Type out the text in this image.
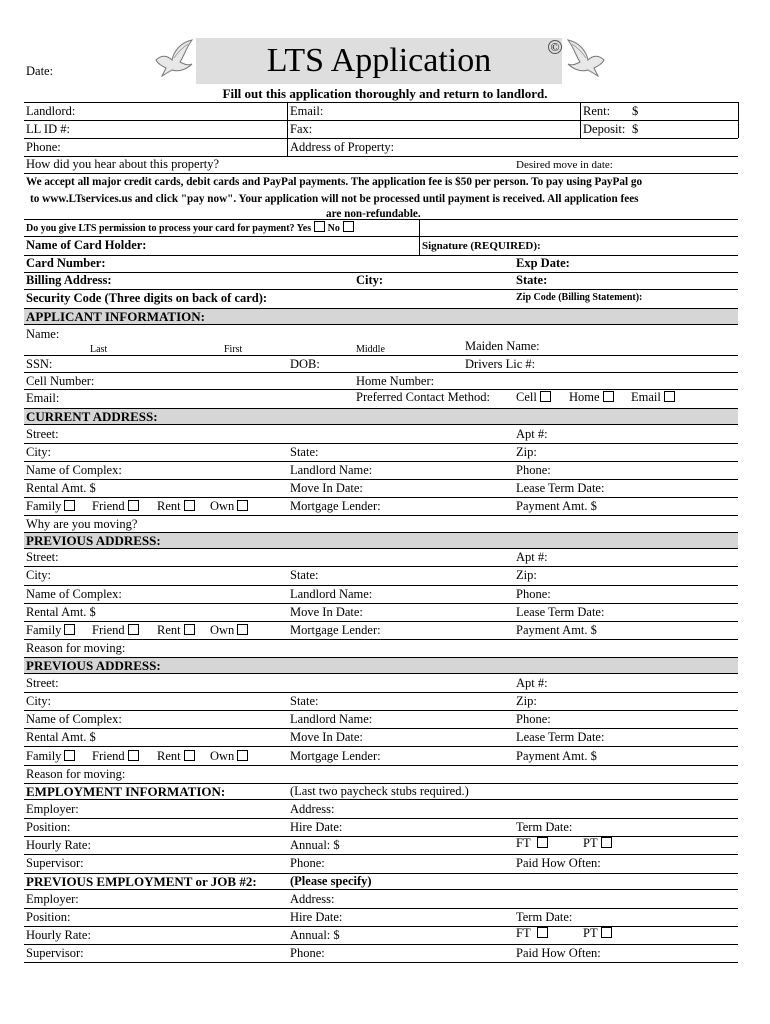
Date:	LTS Application	©
Fill out this application thoroughly and return to landlord.
Landlord:	Email:	Rent: $
LL ID #:	Fax:	Deposit: $
Phone:	Address of Property:
How did you hear about this property?	Desired move in date:
We accept all major credit cards, debit cards and PayPal payments. The application fee is $50 per person. To pay using PayPal go
to www.LTservices.us and click "pay now". Your application will not be processed until payment is received. All application fees
are non-refundable.
Do you give LTS permission to process your card for payment? Yes No
Name of Card Holder:	Signature (REQUIRED):
Card Number:	Exp Date:
Billing Address:	City:	State:
Security Code (Three digits on back of card):	Zip Code (Billing Statement):
APPLICANT INFORMATION:
Name:
Last	First	Middle	Maiden Name:
SSN:	DOB:	Drivers Lic #:
Cell Number:	Home Number:
Email:	Preferred Contact Method: Cell	Home	Email
CURRENT ADDRESS:
Street:	Apt #:
City:	State:	Zip:
Name of Complex:	Landlord Name:	Phone:
Rental Amt. $	Move In Date:	Lease Term Date:
Family	Friend	Rent	Own	Mortgage Lender:	Payment Amt. $
Why are you moving?
PREVIOUS ADDRESS:
Street:	Apt #:
City:	State:	Zip:
Name of Complex:	Landlord Name:	Phone:
Rental Amt. $	Move In Date:	Lease Term Date:
Family	Friend	Rent	Own	Mortgage Lender:	Payment Amt. $
Reason for moving:
PREVIOUS ADDRESS:
Street:	Apt #:
City:	State:	Zip:
Name of Complex:	Landlord Name:	Phone:
Rental Amt. $	Move In Date:	Lease Term Date:
Family	Friend	Rent	Own	Mortgage Lender:	Payment Amt. $
Reason for moving:
EMPLOYMENT INFORMATION:	(Last two paycheck stubs required.)
Employer:	Address:
Position:	Hire Date:	Term Date:
Hourly Rate:	Annual: $	FT	PT
Supervisor:	Phone:	Paid How Often:
PREVIOUS EMPLOYMENT or JOB #2:	(Please specify)
Employer:	Address:
Position:	Hire Date:	Term Date:
Hourly Rate:	Annual: $	FT	PT
Supervisor:	Phone:	Paid How Often:
